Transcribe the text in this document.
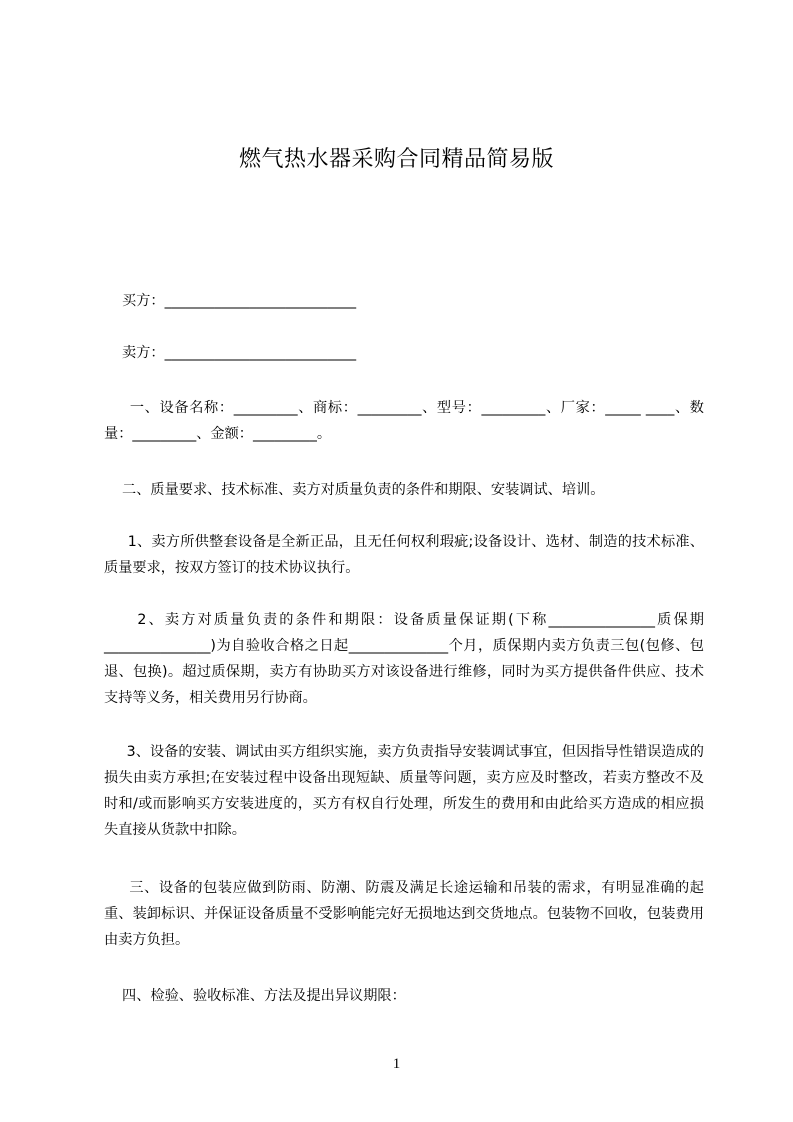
燃气热水器采购合同精品简易版
买方：___________________________
卖方：___________________________
一、设备名称：_________、商标：_________、型号：_________、厂家：_____ ____、数量：_________、金额：_________。
二、质量要求、技术标准、卖方对质量负责的条件和期限、安装调试、培训。
1、卖方所供整套设备是全新正品，且无任何权利瑕疵;设备设计、选材、制造的技术标准、质量要求，按双方签订的技术协议执行。
2、卖方对质量负责的条件和期限：设备质量保证期(下称_______________质保期_______________)为自验收合格之日起______________个月，质保期内卖方负责三包(包修、包退、包换)。超过质保期，卖方有协助买方对该设备进行维修，同时为买方提供备件供应、技术支持等义务，相关费用另行协商。
3、设备的安装、调试由买方组织实施，卖方负责指导安装调试事宜，但因指导性错误造成的损失由卖方承担;在安装过程中设备出现短缺、质量等问题，卖方应及时整改，若卖方整改不及时和/或而影响买方安装进度的，买方有权自行处理，所发生的费用和由此给买方造成的相应损失直接从货款中扣除。
三、设备的包装应做到防雨、防潮、防震及满足长途运输和吊装的需求，有明显准确的起重、装卸标识、并保证设备质量不受影响能完好无损地达到交货地点。包装物不回收，包装费用由卖方负担。
四、检验、验收标准、方法及提出异议期限：
1
